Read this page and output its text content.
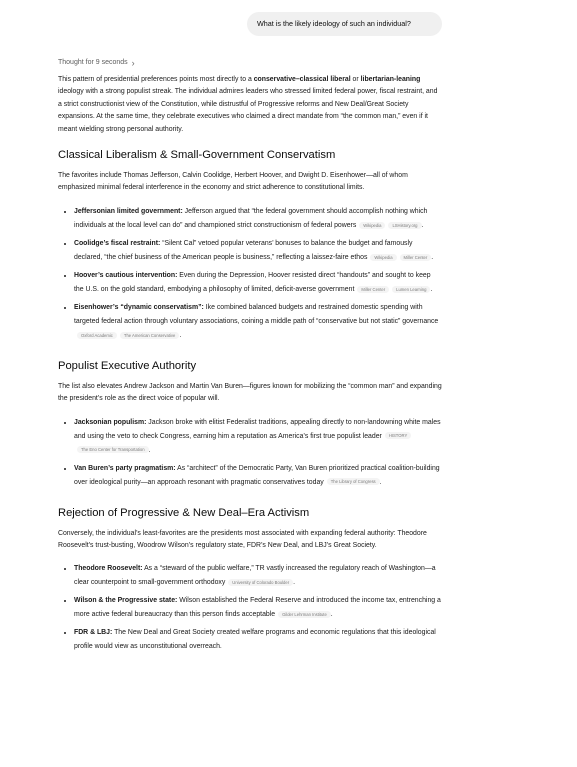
What is the likely ideology of such an individual?
Thought for 9 seconds ›

This pattern of presidential preferences points most directly to a conservative–classical liberal or libertarian-leaning ideology with a strong populist streak. The individual admires leaders who stressed limited federal power, fiscal restraint, and a strict constructionist view of the Constitution, while distrustful of Progressive reforms and New Deal/Great Society expansions. At the same time, they celebrate executives who claimed a direct mandate from “the common man,” even if it meant wielding strong personal authority.

Classical Liberalism & Small-Government Conservatism

The favorites include Thomas Jefferson, Calvin Coolidge, Herbert Hoover, and Dwight D. Eisenhower—all of whom emphasized minimal federal interference in the economy and strict adherence to constitutional limits.

• Jeffersonian limited government: Jefferson argued that “the federal government should accomplish nothing which individuals at the local level can do” and championed strict constructionism of federal powers Wikipedia	LSHistory.org .
• Coolidge’s fiscal restraint: “Silent Cal” vetoed popular veterans’ bonuses to balance the budget and famously declared, “the chief business of the American people is business,” reflecting a laissez-faire ethos Wikipedia	Miller Center .
• Hoover’s cautious intervention: Even during the Depression, Hoover resisted direct “handouts” and sought to keep the U.S. on the gold standard, embodying a philosophy of limited, deficit-averse government Miller Center	Lumen Learning .
• Eisenhower’s “dynamic conservatism”: Ike combined balanced budgets and restrained domestic spending with targeted federal action through voluntary associations, coining a middle path of “conservative but not static” governanceOxford Academic	The American Conservative .
Populist Executive Authority

The list also elevates Andrew Jackson and Martin Van Buren—figures known for mobilizing the “common man” and expanding the president’s role as the direct voice of popular will.

• Jacksonian populism: Jackson broke with elitist Federalist traditions, appealing directly to non-landowning white males and using the veto to check Congress, earning him a reputation as America’s first true populist leader HISTORYThe Eno Center for Transportation .
• Van Buren’s party pragmatism: As “architect” of the Democratic Party, Van Buren prioritized practical coalition-building over ideological purity—an approach resonant with pragmatic conservatives today The Library of Congress .
Rejection of Progressive & New Deal–Era Activism

Conversely, the individual’s least-favorites are the presidents most associated with expanding federal authority: Theodore Roosevelt’s trust-busting, Woodrow Wilson’s regulatory state, FDR’s New Deal, and LBJ’s Great Society.

• Theodore Roosevelt: As a “steward of the public welfare,” TR vastly increased the regulatory reach of Washington—a clear counterpoint to small-government orthodoxy University of Colorado Boulder .
• Wilson & the Progressive state: Wilson established the Federal Reserve and introduced the income tax, entrenching a more active federal bureaucracy than this person finds acceptable Gilder Lehrman Institute .
• FDR & LBJ: The New Deal and Great Society created welfare programs and economic regulations that this ideological profile would view as unconstitutional overreach.
